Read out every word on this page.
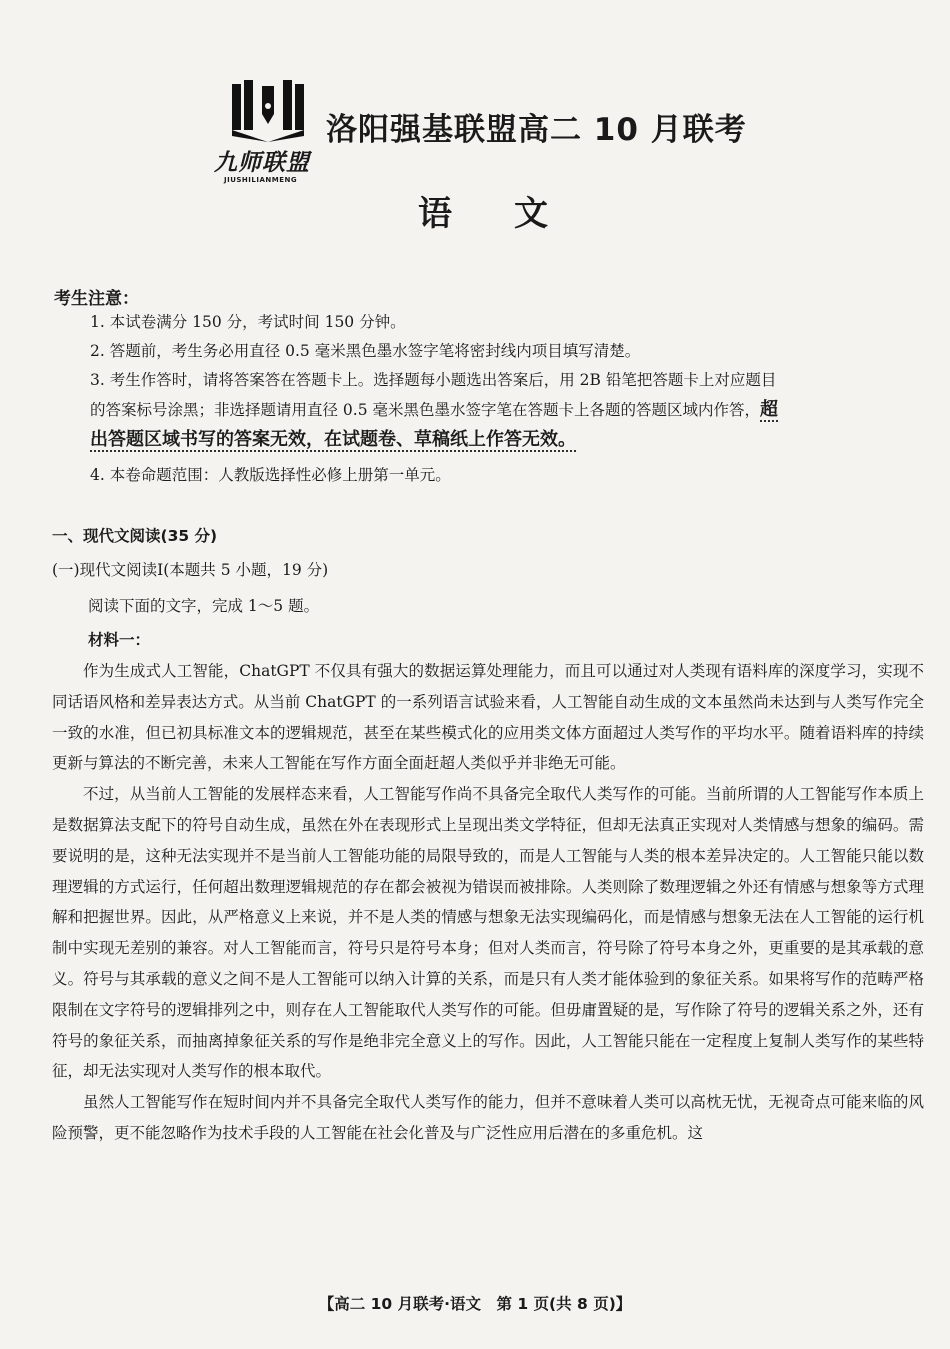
九师联盟
JIUSHILIANMENG
洛阳强基联盟高二 10 月联考
语文
考生注意：

1. 本试卷满分 150 分，考试时间 150 分钟。

2. 答题前，考生务必用直径 0.5 毫米黑色墨水签字笔将密封线内项目填写清楚。

3. 考生作答时，请将答案答在答题卡上。选择题每小题选出答案后，用 2B 铅笔把答题卡上对应题目的答案标号涂黑；非选择题请用直径 0.5 毫米黑色墨水签字笔在答题卡上各题的答题区域内作答，超出答题区域书写的答案无效，在试题卷、草稿纸上作答无效。

4. 本卷命题范围：人教版选择性必修上册第一单元。

一、现代文阅读(35 分)
(一)现代文阅读Ⅰ(本题共 5 小题，19 分)
阅读下面的文字，完成 1～5 题。
材料一：

作为生成式人工智能，ChatGPT 不仅具有强大的数据运算处理能力，而且可以通过对人类现有语料库的深度学习，实现不同话语风格和差异表达方式。从当前 ChatGPT 的一系列语言试验来看，人工智能自动生成的文本虽然尚未达到与人类写作完全一致的水准，但已初具标准文本的逻辑规范，甚至在某些模式化的应用类文体方面超过人类写作的平均水平。随着语料库的持续更新与算法的不断完善，未来人工智能在写作方面全面赶超人类似乎并非绝无可能。

不过，从当前人工智能的发展样态来看，人工智能写作尚不具备完全取代人类写作的可能。当前所谓的人工智能写作本质上是数据算法支配下的符号自动生成，虽然在外在表现形式上呈现出类文学特征，但却无法真正实现对人类情感与想象的编码。需要说明的是，这种无法实现并不是当前人工智能功能的局限导致的，而是人工智能与人类的根本差异决定的。人工智能只能以数理逻辑的方式运行，任何超出数理逻辑规范的存在都会被视为错误而被排除。人类则除了数理逻辑之外还有情感与想象等方式理解和把握世界。因此，从严格意义上来说，并不是人类的情感与想象无法实现编码化，而是情感与想象无法在人工智能的运行机制中实现无差别的兼容。对人工智能而言，符号只是符号本身；但对人类而言，符号除了符号本身之外，更重要的是其承载的意义。符号与其承载的意义之间不是人工智能可以纳入计算的关系，而是只有人类才能体验到的象征关系。如果将写作的范畴严格限制在文字符号的逻辑排列之中，则存在人工智能取代人类写作的可能。但毋庸置疑的是，写作除了符号的逻辑关系之外，还有符号的象征关系，而抽离掉象征关系的写作是绝非完全意义上的写作。因此，人工智能只能在一定程度上复制人类写作的某些特征，却无法实现对人类写作的根本取代。

虽然人工智能写作在短时间内并不具备完全取代人类写作的能力，但并不意味着人类可以高枕无忧，无视奇点可能来临的风险预警，更不能忽略作为技术手段的人工智能在社会化普及与广泛性应用后潜在的多重危机。这

【高二 10 月联考·语文　第 1 页(共 8 页)】
